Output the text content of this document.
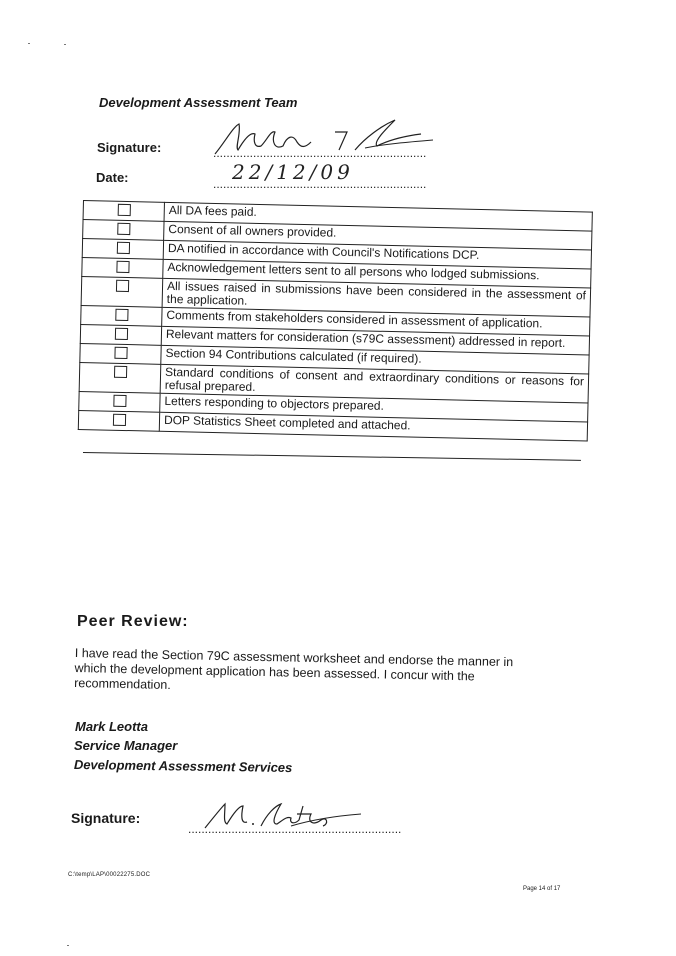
Development Assessment Team
Signature:	................................................................
Date:	22/12/09
................................................................
	All DA fees paid.
	Consent of all owners provided.
	DA notified in accordance with Council's Notifications DCP.
	Acknowledgement letters sent to all persons who lodged submissions.
	All issues raised in submissions have been considered in the assessment of the application.
	Comments from stakeholders considered in assessment of application.
	Relevant matters for consideration (s79C assessment) addressed in report.
	Section 94 Contributions calculated (if required).
	Standard conditions of consent and extraordinary conditions or reasons for refusal prepared.
	Letters responding to objectors prepared.
	DOP Statistics Sheet completed and attached.
Peer Review:
I have read the Section 79C assessment worksheet and endorse the manner in which the development application has been assessed. I concur with the recommendation.
Mark Leotta
Service Manager
Development Assessment Services
Signature:
................................................................
C:\temp\LAP\00022275.DOC
Page 14 of 17
